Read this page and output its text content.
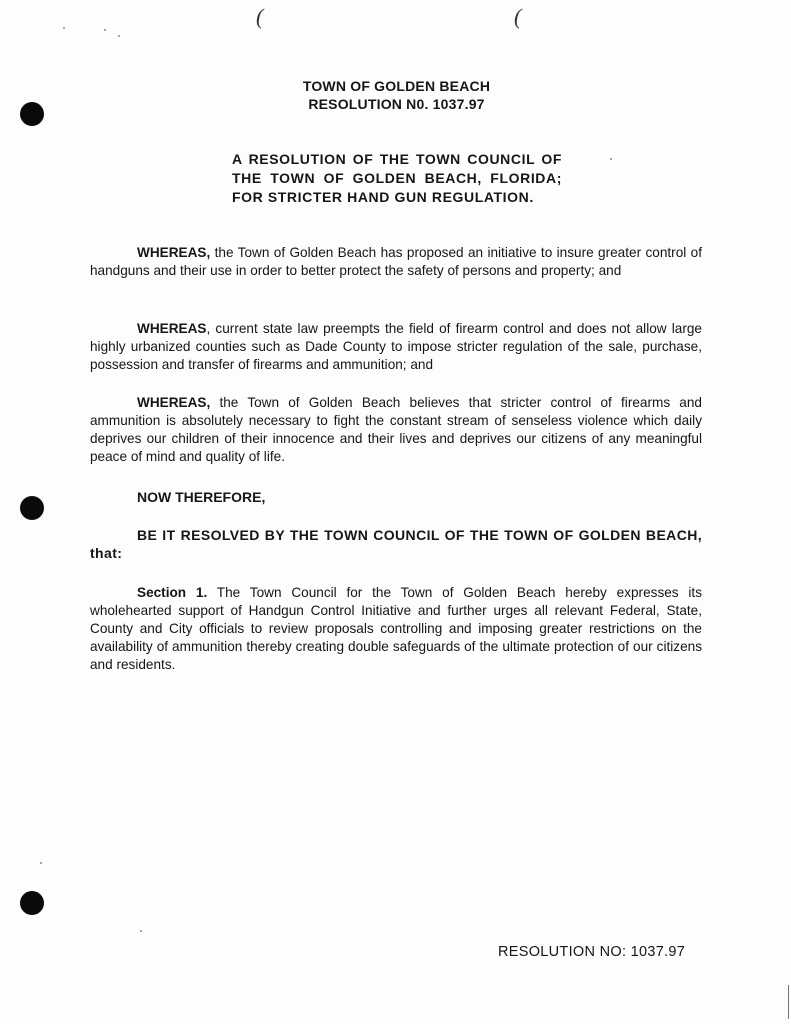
(	(
TOWN OF GOLDEN BEACH
RESOLUTION N0. 1037.97
A RESOLUTION OF THE TOWN COUNCIL OF THE TOWN OF GOLDEN BEACH, FLORIDA; FOR STRICTER HAND GUN REGULATION.
WHEREAS, the Town of Golden Beach has proposed an initiative to insure greater control of handguns and their use in order to better protect the safety of persons and property; and
WHEREAS, current state law preempts the field of firearm control and does not allow large highly urbanized counties such as Dade County to impose stricter regulation of the sale, purchase, possession and transfer of firearms and ammunition; and
WHEREAS, the Town of Golden Beach believes that stricter control of firearms and ammunition is absolutely necessary to fight the constant stream of senseless violence which daily deprives our children of their innocence and their lives and deprives our citizens of any meaningful peace of mind and quality of life.
NOW THEREFORE,
BE IT RESOLVED BY THE TOWN COUNCIL OF THE TOWN OF GOLDEN BEACH, that:
Section 1. The Town Council for the Town of Golden Beach hereby expresses its wholehearted support of Handgun Control Initiative and further urges all relevant Federal, State, County and City officials to review proposals controlling and imposing greater restrictions on the availability of ammunition thereby creating double safeguards of the ultimate protection of our citizens and residents.
RESOLUTION NO: 1037.97
